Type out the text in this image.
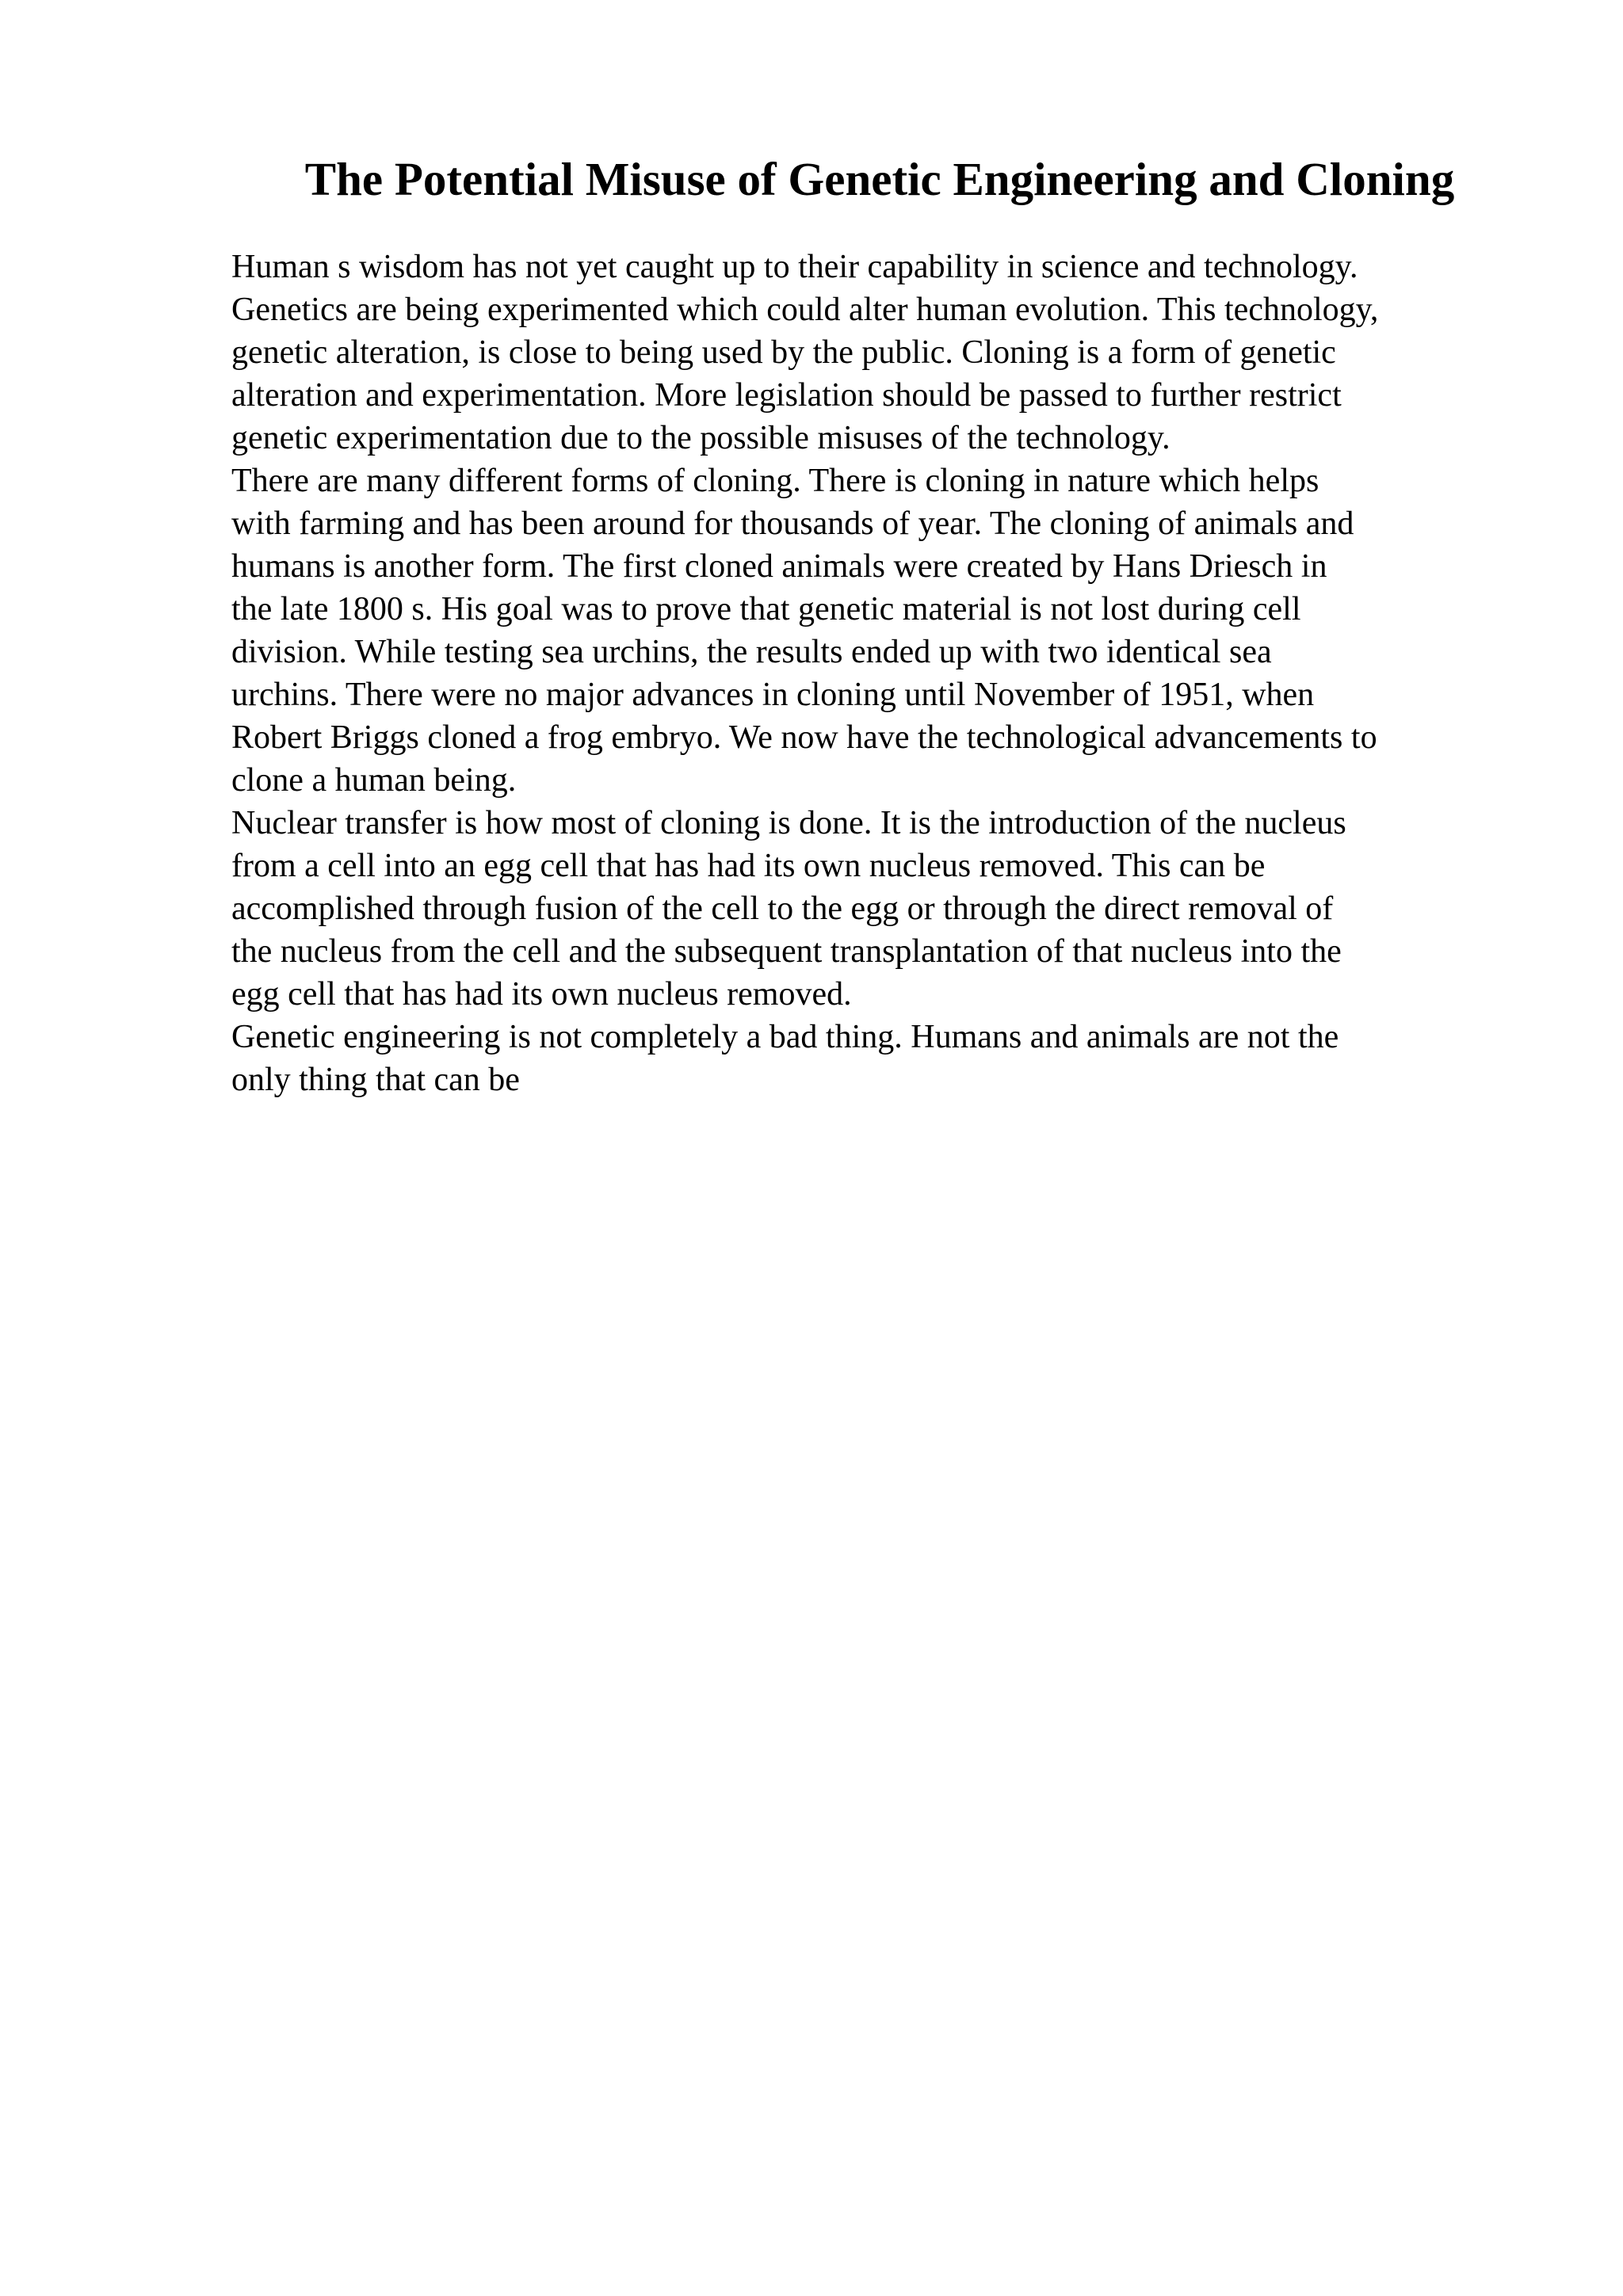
The Potential Misuse of Genetic Engineering and Cloning
Human s wisdom has not yet caught up to their capability in science and technology.
Genetics are being experimented which could alter human evolution. This technology,
genetic alteration, is close to being used by the public. Cloning is a form of genetic
alteration and experimentation. More legislation should be passed to further restrict
genetic experimentation due to the possible misuses of the technology.
There are many different forms of cloning. There is cloning in nature which helps
with farming and has been around for thousands of year. The cloning of animals and
humans is another form. The first cloned animals were created by Hans Driesch in
the late 1800 s. His goal was to prove that genetic material is not lost during cell
division. While testing sea urchins, the results ended up with two identical sea
urchins. There were no major advances in cloning until November of 1951, when
Robert Briggs cloned a frog embryo. We now have the technological advancements to
clone a human being.
Nuclear transfer is how most of cloning is done. It is the introduction of the nucleus
from a cell into an egg cell that has had its own nucleus removed. This can be
accomplished through fusion of the cell to the egg or through the direct removal of
the nucleus from the cell and the subsequent transplantation of that nucleus into the
egg cell that has had its own nucleus removed.
Genetic engineering is not completely a bad thing. Humans and animals are not the
only thing that can be
